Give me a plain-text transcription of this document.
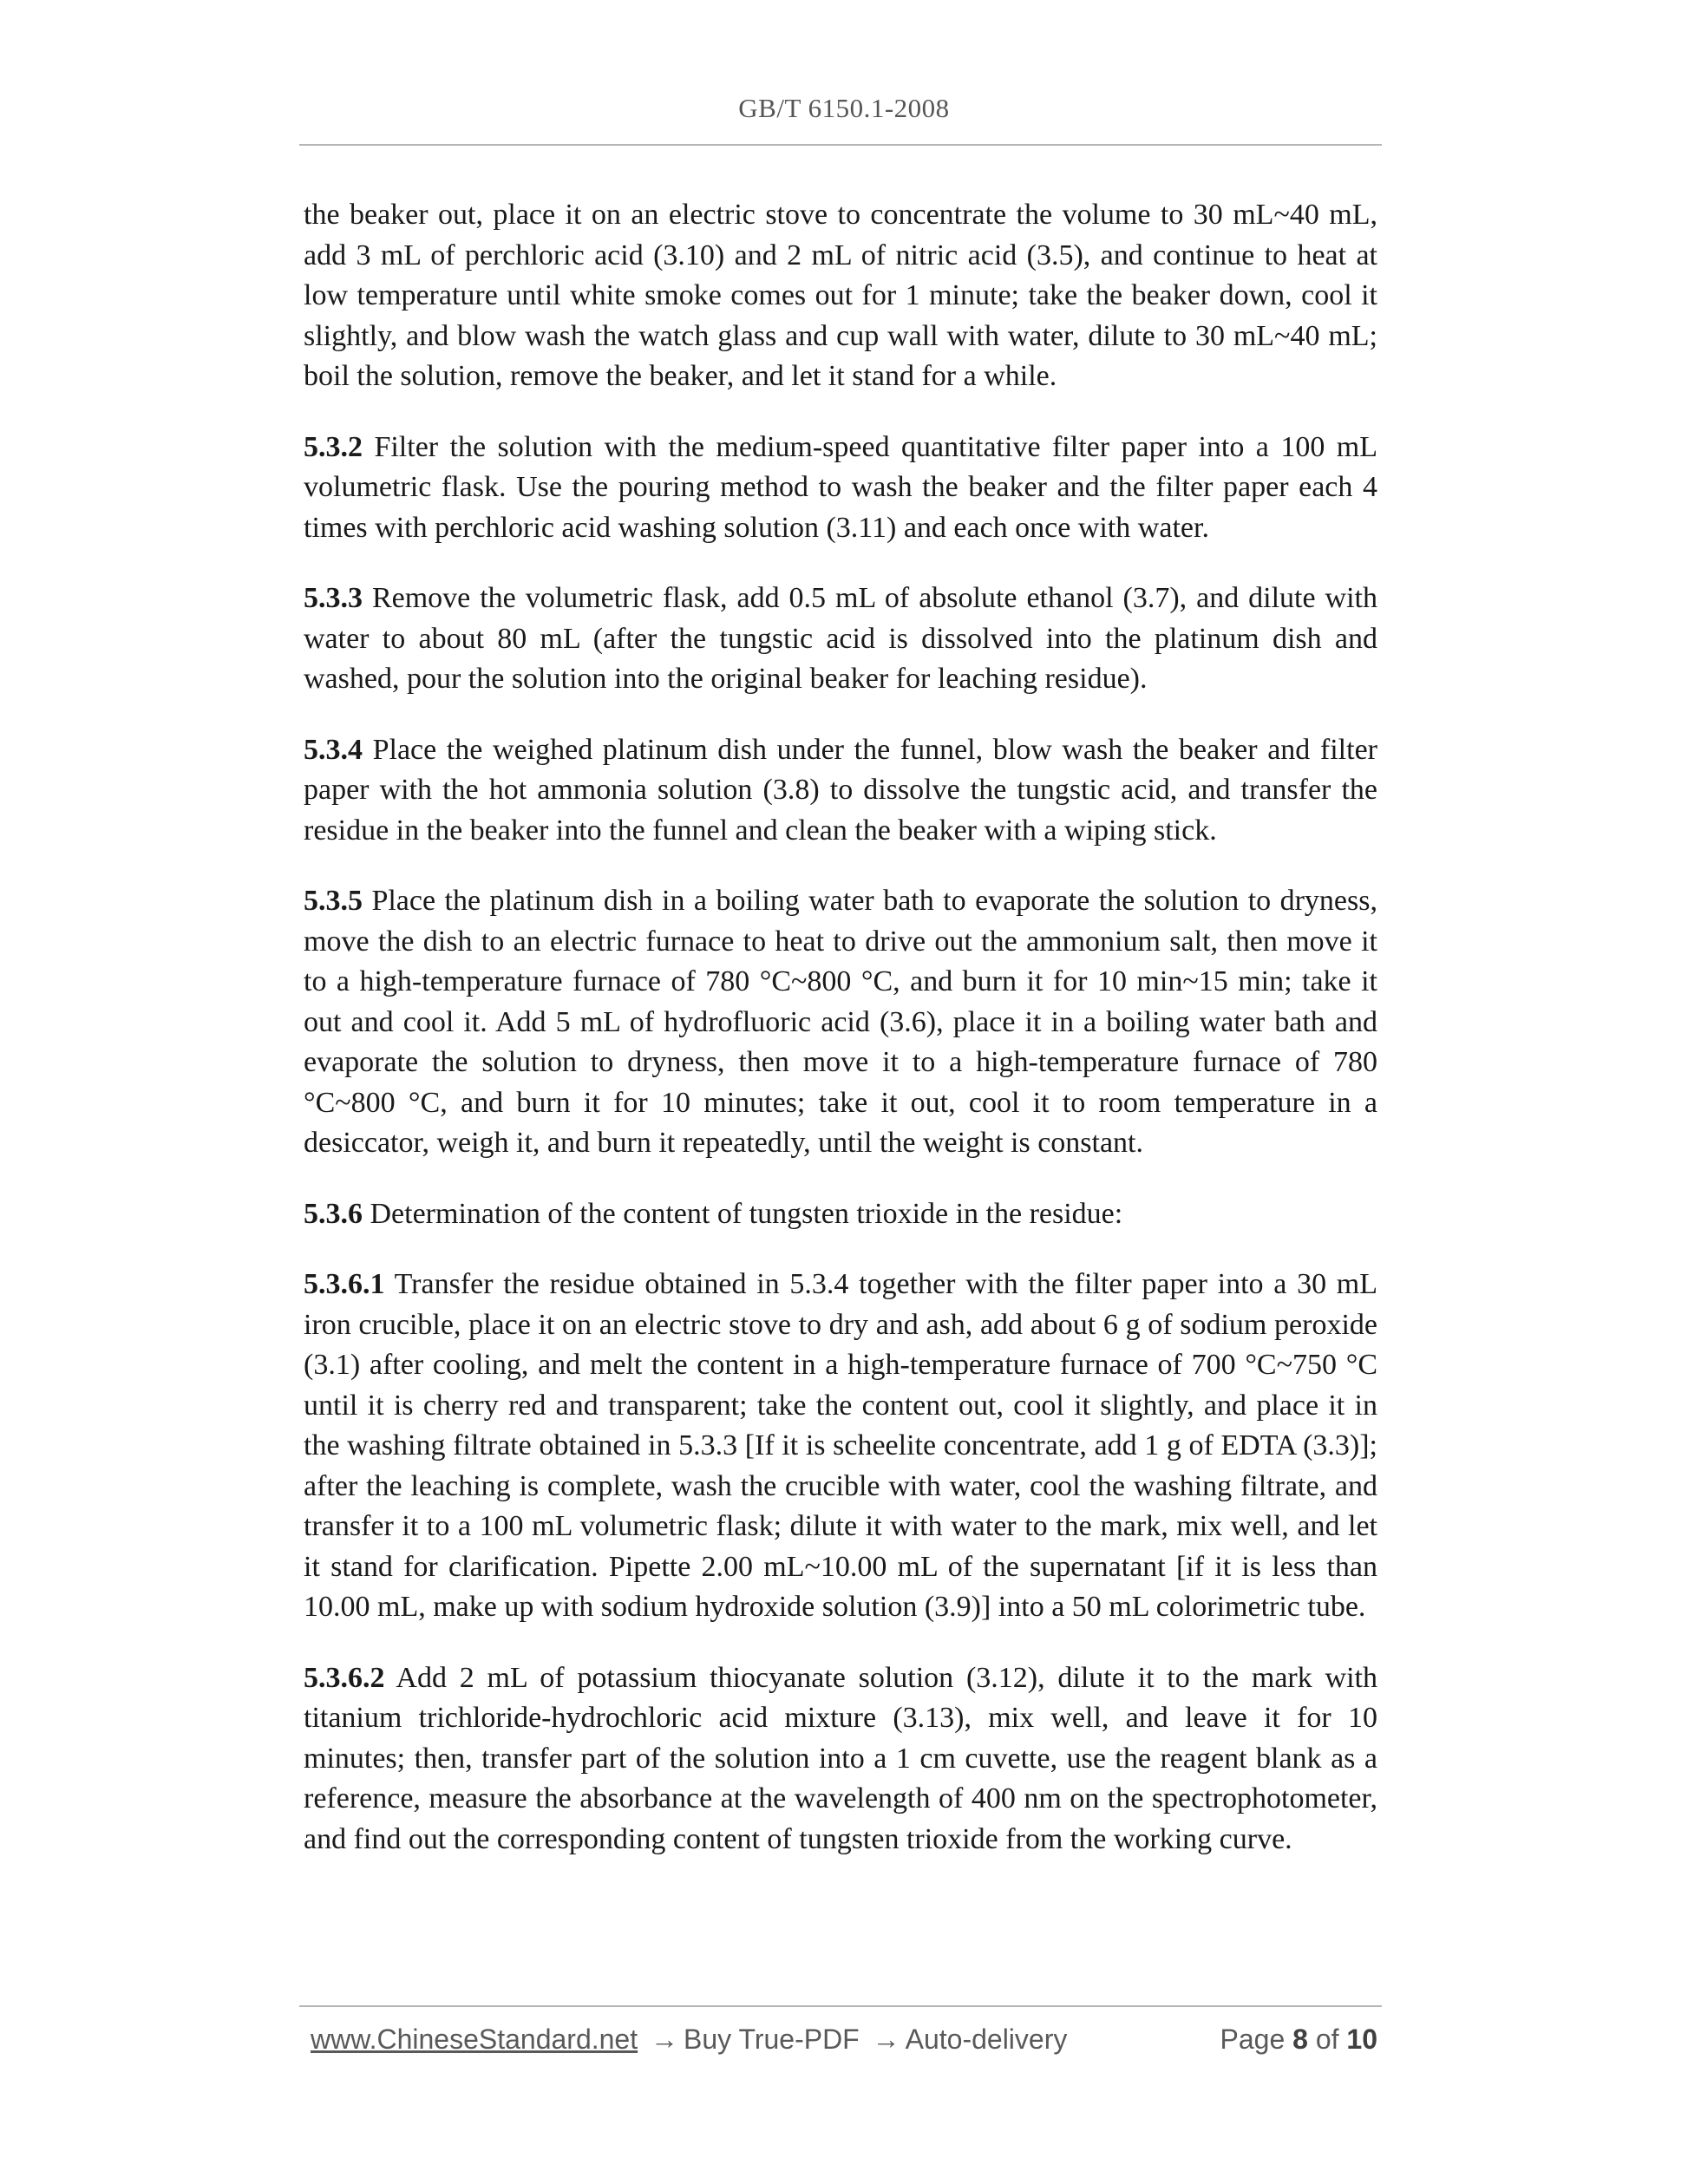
GB/T 6150.1-2008

the beaker out, place it on an electric stove to concentrate the volume to 30 mL~40 mL, add 3 mL of perchloric acid (3.10) and 2 mL of nitric acid (3.5), and continue to heat at low temperature until white smoke comes out for 1 minute; take the beaker down, cool it slightly, and blow wash the watch glass and cup wall with water, dilute to 30 mL~40 mL; boil the solution, remove the beaker, and let it stand for a while.

5.3.2 Filter the solution with the medium-speed quantitative filter paper into a 100 mL volumetric flask. Use the pouring method to wash the beaker and the filter paper each 4 times with perchloric acid washing solution (3.11) and each once with water.

5.3.3 Remove the volumetric flask, add 0.5 mL of absolute ethanol (3.7), and dilute with water to about 80 mL (after the tungstic acid is dissolved into the platinum dish and washed, pour the solution into the original beaker for leaching residue).

5.3.4 Place the weighed platinum dish under the funnel, blow wash the beaker and filter paper with the hot ammonia solution (3.8) to dissolve the tungstic acid, and transfer the residue in the beaker into the funnel and clean the beaker with a wiping stick.

5.3.5 Place the platinum dish in a boiling water bath to evaporate the solution to dryness, move the dish to an electric furnace to heat to drive out the ammonium salt, then move it to a high-temperature furnace of 780 °C~800 °C, and burn it for 10 min~15 min; take it out and cool it. Add 5 mL of hydrofluoric acid (3.6), place it in a boiling water bath and evaporate the solution to dryness, then move it to a high-temperature furnace of 780 °C~800 °C, and burn it for 10 minutes; take it out, cool it to room temperature in a desiccator, weigh it, and burn it repeatedly, until the weight is constant.

5.3.6 Determination of the content of tungsten trioxide in the residue:

5.3.6.1 Transfer the residue obtained in 5.3.4 together with the filter paper into a 30 mL iron crucible, place it on an electric stove to dry and ash, add about 6 g of sodium peroxide (3.1) after cooling, and melt the content in a high-temperature furnace of 700 °C~750 °C until it is cherry red and transparent; take the content out, cool it slightly, and place it in the washing filtrate obtained in 5.3.3 [If it is scheelite concentrate, add 1 g of EDTA (3.3)]; after the leaching is complete, wash the crucible with water, cool the washing filtrate, and transfer it to a 100 mL volumetric flask; dilute it with water to the mark, mix well, and let it stand for clarification. Pipette 2.00 mL~10.00 mL of the supernatant [if it is less than 10.00 mL, make up with sodium hydroxide solution (3.9)] into a 50 mL colorimetric tube.

5.3.6.2 Add 2 mL of potassium thiocyanate solution (3.12), dilute it to the mark with titanium trichloride-hydrochloric acid mixture (3.13), mix well, and leave it for 10 minutes; then, transfer part of the solution into a 1 cm cuvette, use the reagent blank as a reference, measure the absorbance at the wavelength of 400 nm on the spectrophotometer, and find out the corresponding content of tungsten trioxide from the working curve.

www.ChineseStandard.net → Buy True-PDF → Auto-delivery	Page 8 of 10
